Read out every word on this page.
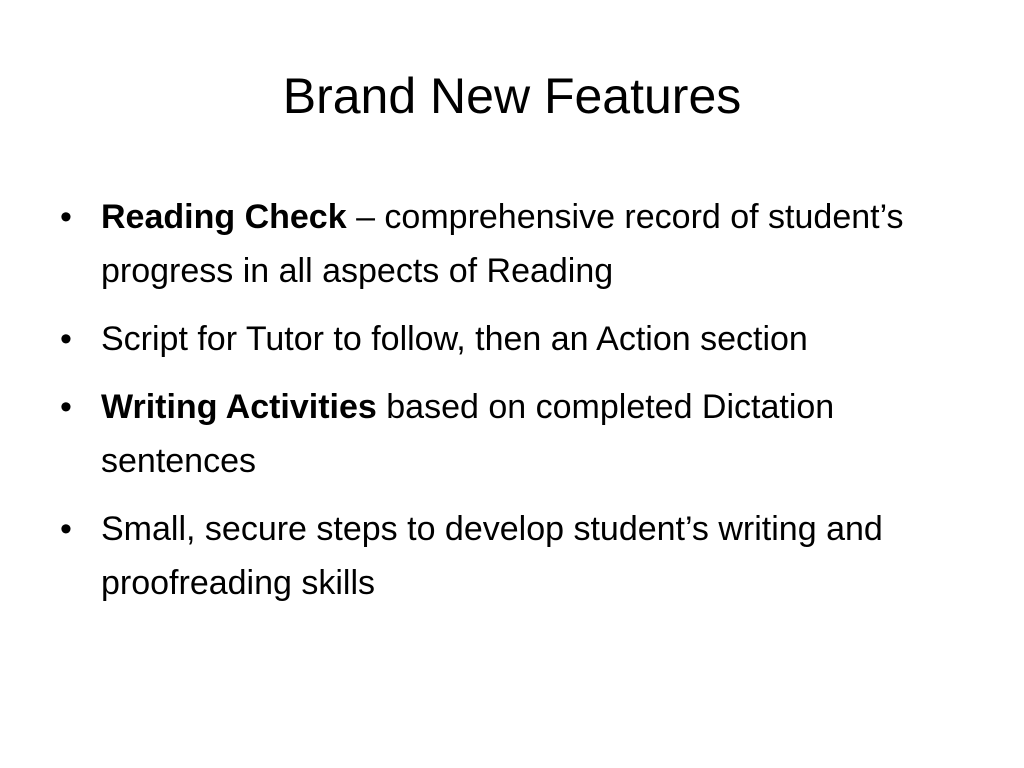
Brand New Features
• Reading Check – comprehensive record of student’s progress in all aspects of Reading
• Script for Tutor to follow, then an Action section
• Writing Activities based on completed Dictation sentences
• Small, secure steps to develop student’s writing and proofreading skills
